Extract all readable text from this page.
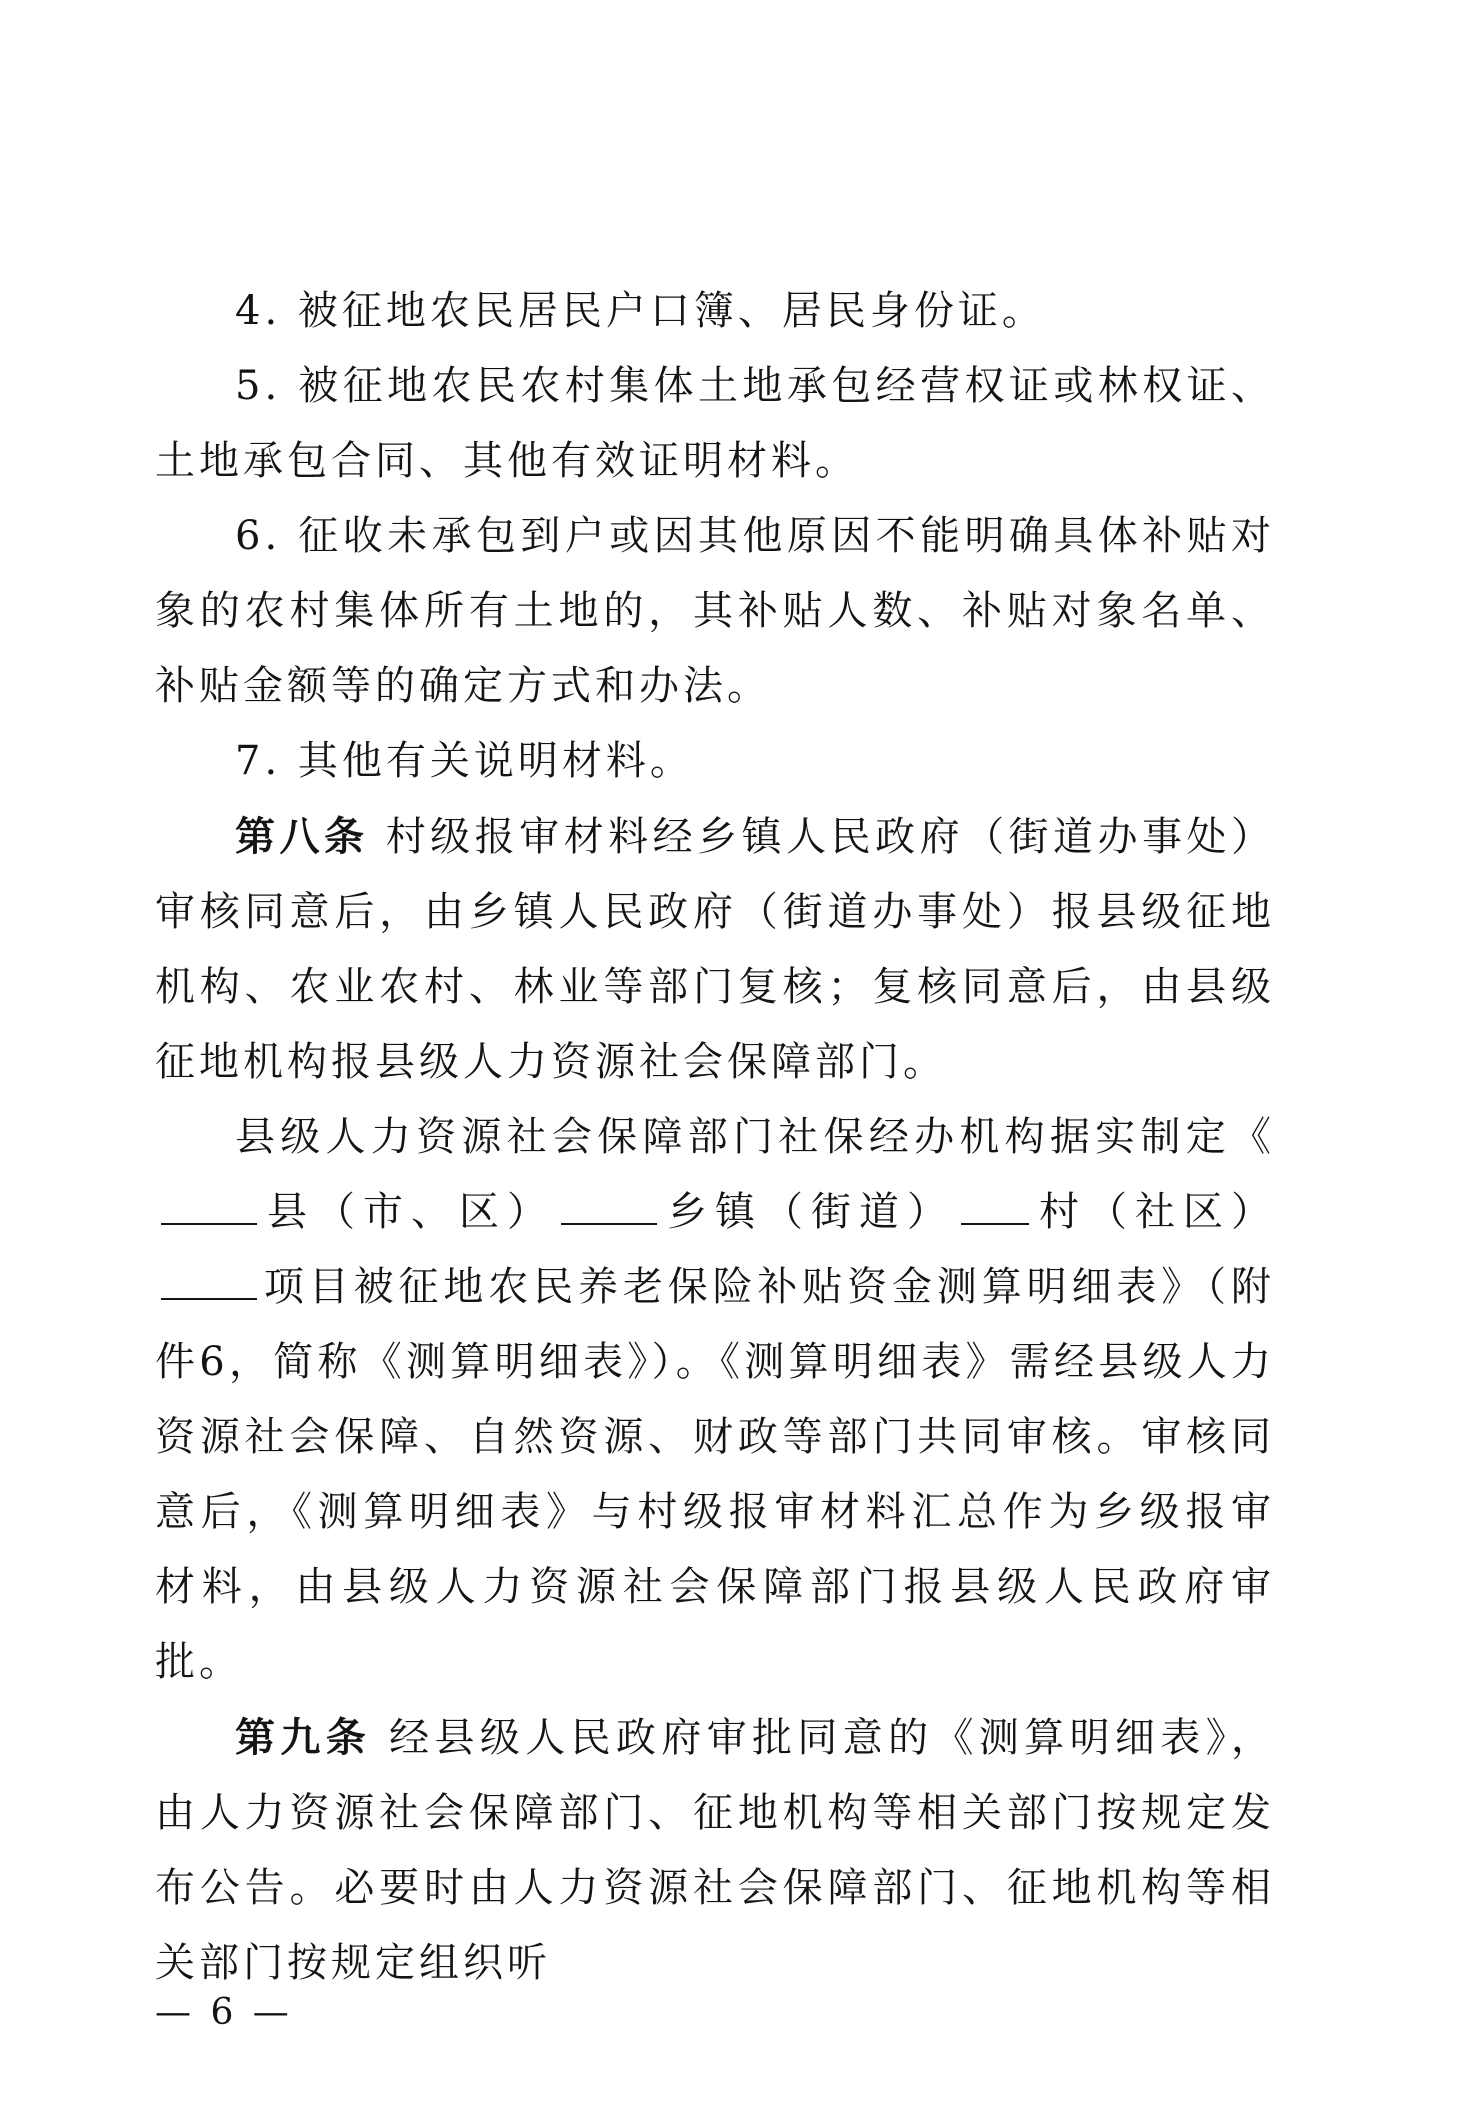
4. 被征地农民居民户口簿、居民身份证。

5. 被征地农民农村集体土地承包经营权证或林权证、土地承包合同、其他有效证明材料。

6. 征收未承包到户或因其他原因不能明确具体补贴对象的农村集体所有土地的，其补贴人数、补贴对象名单、补贴金额等的确定方式和办法。

7. 其他有关说明材料。

第八条 村级报审材料经乡镇人民政府（街道办事处）审核同意后，由乡镇人民政府（街道办事处）报县级征地机构、农业农村、林业等部门复核；复核同意后，由县级征地机构报县级人力资源社会保障部门。

县级人力资源社会保障部门社保经办机构据实制定《县（市、区）	乡镇（街道） 村（社区）项目被征地农民养老保险补贴资金测算明细表》（附件6，简称《测算明细表》）。《测算明细表》需经县级人力资源社会保障、自然资源、财政等部门共同审核。审核同意后，《测算明细表》与村级报审材料汇总作为乡级报审材料，由县级人力资源社会保障部门报县级人民政府审批。

第九条 经县级人民政府审批同意的《测算明细表》，由人力资源社会保障部门、征地机构等相关部门按规定发布公告。必要时由人力资源社会保障部门、征地机构等相关部门按规定组织听

— 6 —
